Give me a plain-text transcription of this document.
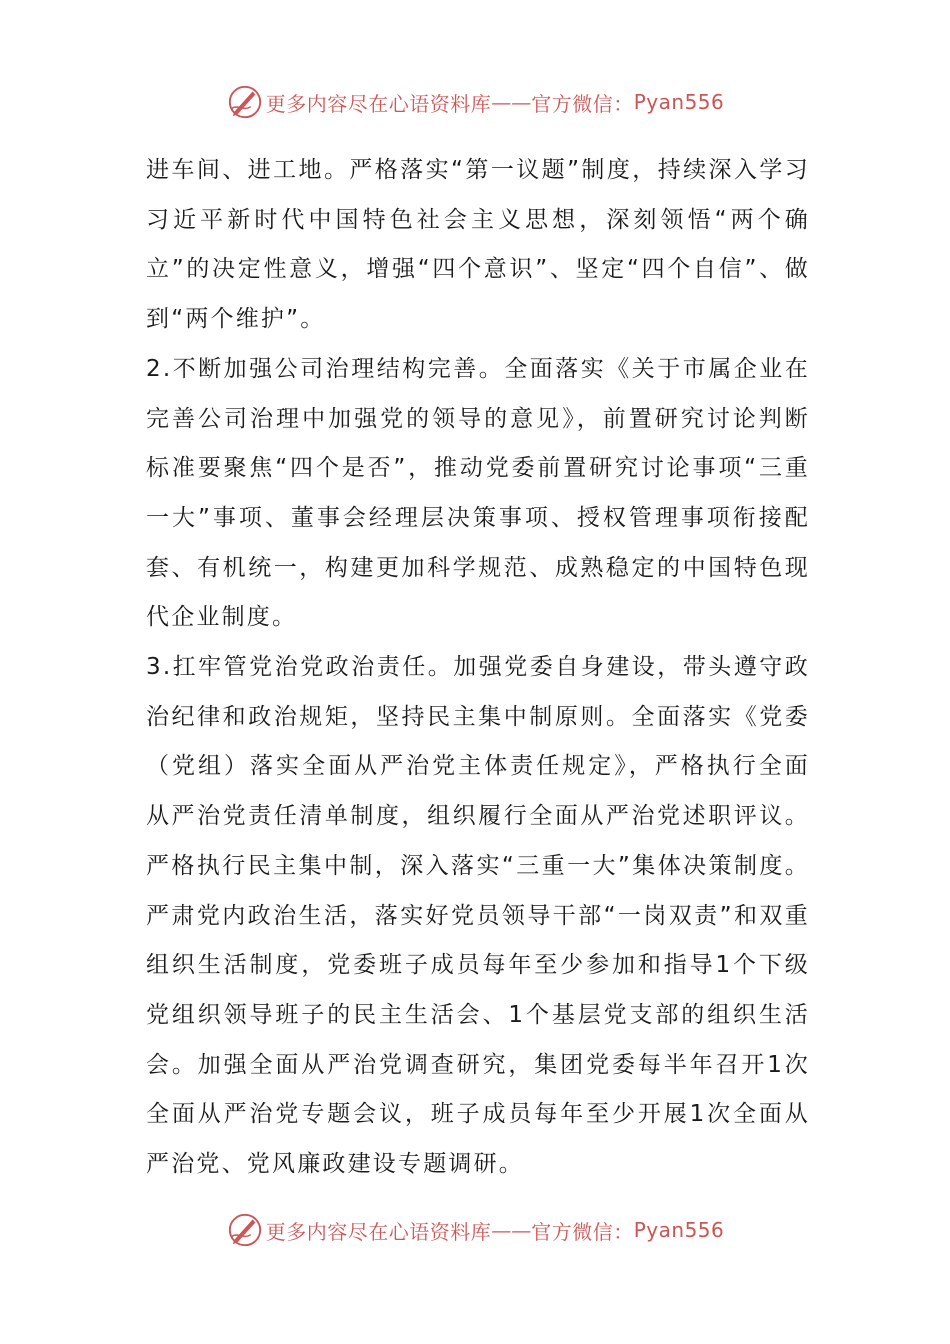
更多内容尽在心语资料库 —— 官方微信： Pyan556

进车间、进工地。严格落实“第一议题”制度，持续深入学习习近平新时代中国特色社会主义思想，深刻领悟“两个确立”的决定性意义，增强“四个意识”、坚定“四个自信”、做到“两个维护”。

2.不断加强公司治理结构完善。全面落实《关于市属企业在完善公司治理中加强党的领导的意见》，前置研究讨论判断标准要聚焦“四个是否”，推动党委前置研究讨论事项“三重一大”事项、董事会经理层决策事项、授权管理事项衔接配套、有机统一，构建更加科学规范、成熟稳定的中国特色现代企业制度。

3.扛牢管党治党政治责任。加强党委自身建设，带头遵守政治纪律和政治规矩，坚持民主集中制原则。全面落实《党委（党组）落实全面从严治党主体责任规定》，严格执行全面从严治党责任清单制度，组织履行全面从严治党述职评议。严格执行民主集中制，深入落实“三重一大”集体决策制度。严肃党内政治生活，落实好党员领导干部“一岗双责”和双重组织生活制度，党委班子成员每年至少参加和指导1个下级党组织领导班子的民主生活会、1个基层党支部的组织生活会。加强全面从严治党调查研究，集团党委每半年召开1次全面从严治党专题会议，班子成员每年至少开展1次全面从严治党、党风廉政建设专题调研。

更多内容尽在心语资料库 —— 官方微信： Pyan556
